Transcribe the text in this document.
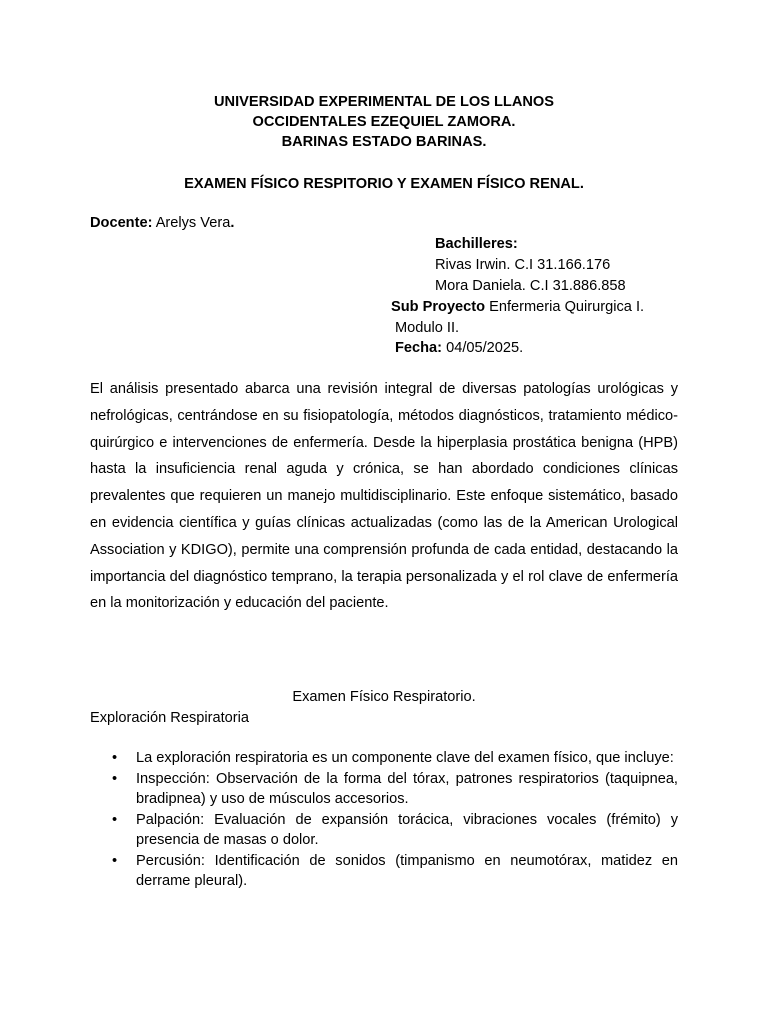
UNIVERSIDAD EXPERIMENTAL DE LOS LLANOS
OCCIDENTALES EZEQUIEL ZAMORA.
BARINAS ESTADO BARINAS.
EXAMEN FÍSICO RESPITORIO Y EXAMEN FÍSICO RENAL.
Docente: Arelys Vera.
Bachilleres:
Rivas Irwin. C.I 31.166.176
Mora Daniela. C.I 31.886.858
Sub Proyecto Enfermeria Quirurgica I.
Modulo II.
Fecha: 04/05/2025.

El análisis presentado abarca una revisión integral de diversas patologías urológicas y nefrológicas, centrándose en su fisiopatología, métodos diagnósticos, tratamiento médico-quirúrgico e intervenciones de enfermería. Desde la hiperplasia prostática benigna (HPB) hasta la insuficiencia renal aguda y crónica, se han abordado condiciones clínicas prevalentes que requieren un manejo multidisciplinario. Este enfoque sistemático, basado en evidencia científica y guías clínicas actualizadas (como las de la American Urological Association y KDIGO), permite una comprensión profunda de cada entidad, destacando la importancia del diagnóstico temprano, la terapia personalizada y el rol clave de enfermería en la monitorización y educación del paciente.

Examen Físico Respiratorio.
Exploración Respiratoria
• La exploración respiratoria es un componente clave del examen físico, que incluye:
• Inspección: Observación de la forma del tórax, patrones respiratorios (taquipnea, bradipnea) y uso de músculos accesorios.
• Palpación: Evaluación de expansión torácica, vibraciones vocales (frémito) y presencia de masas o dolor.
• Percusión: Identificación de sonidos (timpanismo en neumotórax, matidez en derrame pleural).
